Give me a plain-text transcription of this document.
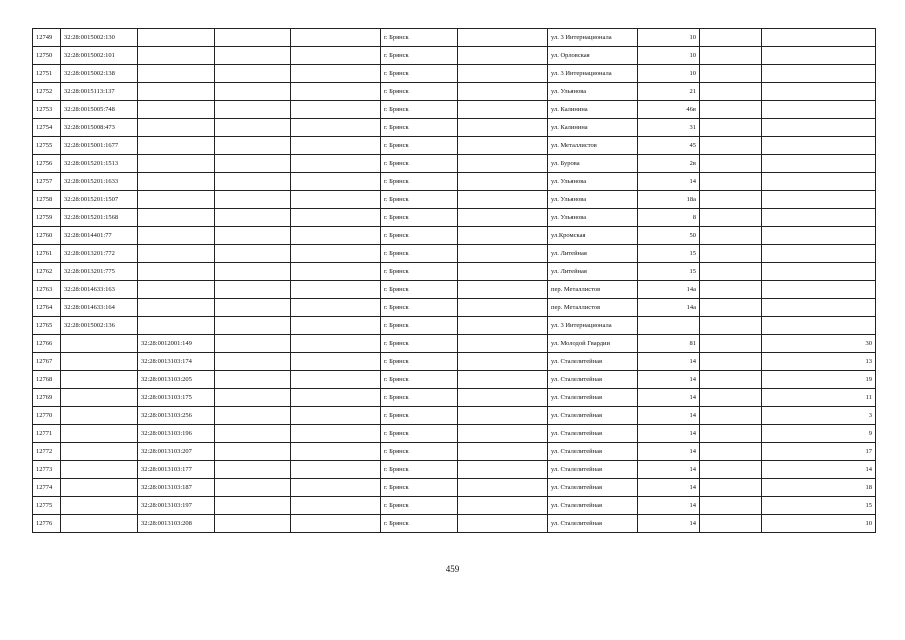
12749	32:28:0015002:130				г. Брянск		ул. 3 Интернационала	10		
12750	32:28:0015002:101				г. Брянск		ул. Орловская	10		
12751	32:28:0015002:138				г. Брянск		ул. 3 Интернационала	10		
12752	32:28:0015113:137				г. Брянск		ул. Ульянова	21		
12753	32:28:0015005:748				г. Брянск		ул. Калинина	46в		
12754	32:28:0015008:473				г. Брянск		ул. Калинина	31		
12755	32:28:0015001:1677				г. Брянск		ул. Металлистов	45		
12756	32:28:0015201:1513				г. Брянск		ул. Бурова	2в		
12757	32:28:0015201:1633				г. Брянск		ул. Ульянова	14		
12758	32:28:0015201:1507				г. Брянск		ул. Ульянова	18а		
12759	32:28:0015201:1568				г. Брянск		ул. Ульянова	8		
12760	32:28:0014401:77				г. Брянск		ул.Кромская	50		
12761	32:28:0013201:772				г. Брянск		ул. Литейная	15		
12762	32:28:0013201:775				г. Брянск		ул. Литейная	15		
12763	32:28:0014633:163				г. Брянск		пер. Металлистов	14а		
12764	32:28:0014633:164				г. Брянск		пер. Металлистов	14а		
12765	32:28:0015002:136				г. Брянск		ул. 3 Интернационала			
12766		32:28:0012001:149			г. Брянск		ул. Молодой Гвардии	81		30
12767		32:28:0013103:174			г. Брянск		ул. Сталелитейная	14		13
12768		32:28:0013103:205			г. Брянск		ул. Сталелитейная	14		19
12769		32:28:0013103:175			г. Брянск		ул. Сталелитейная	14		11
12770		32:28:0013103:256			г. Брянск		ул. Сталелитейная	14		3
12771		32:28:0013103:196			г. Брянск		ул. Сталелитейная	14		9
12772		32:28:0013103:207			г. Брянск		ул. Сталелитейная	14		17
12773		32:28:0013103:177			г. Брянск		ул. Сталелитейная	14		14
12774		32:28:0013103:187			г. Брянск		ул. Сталелитейная	14		18
12775		32:28:0013103:197			г. Брянск		ул. Сталелитейная	14		15
12776		32:28:0013103:208			г. Брянск		ул. Сталелитейная	14		10
459
